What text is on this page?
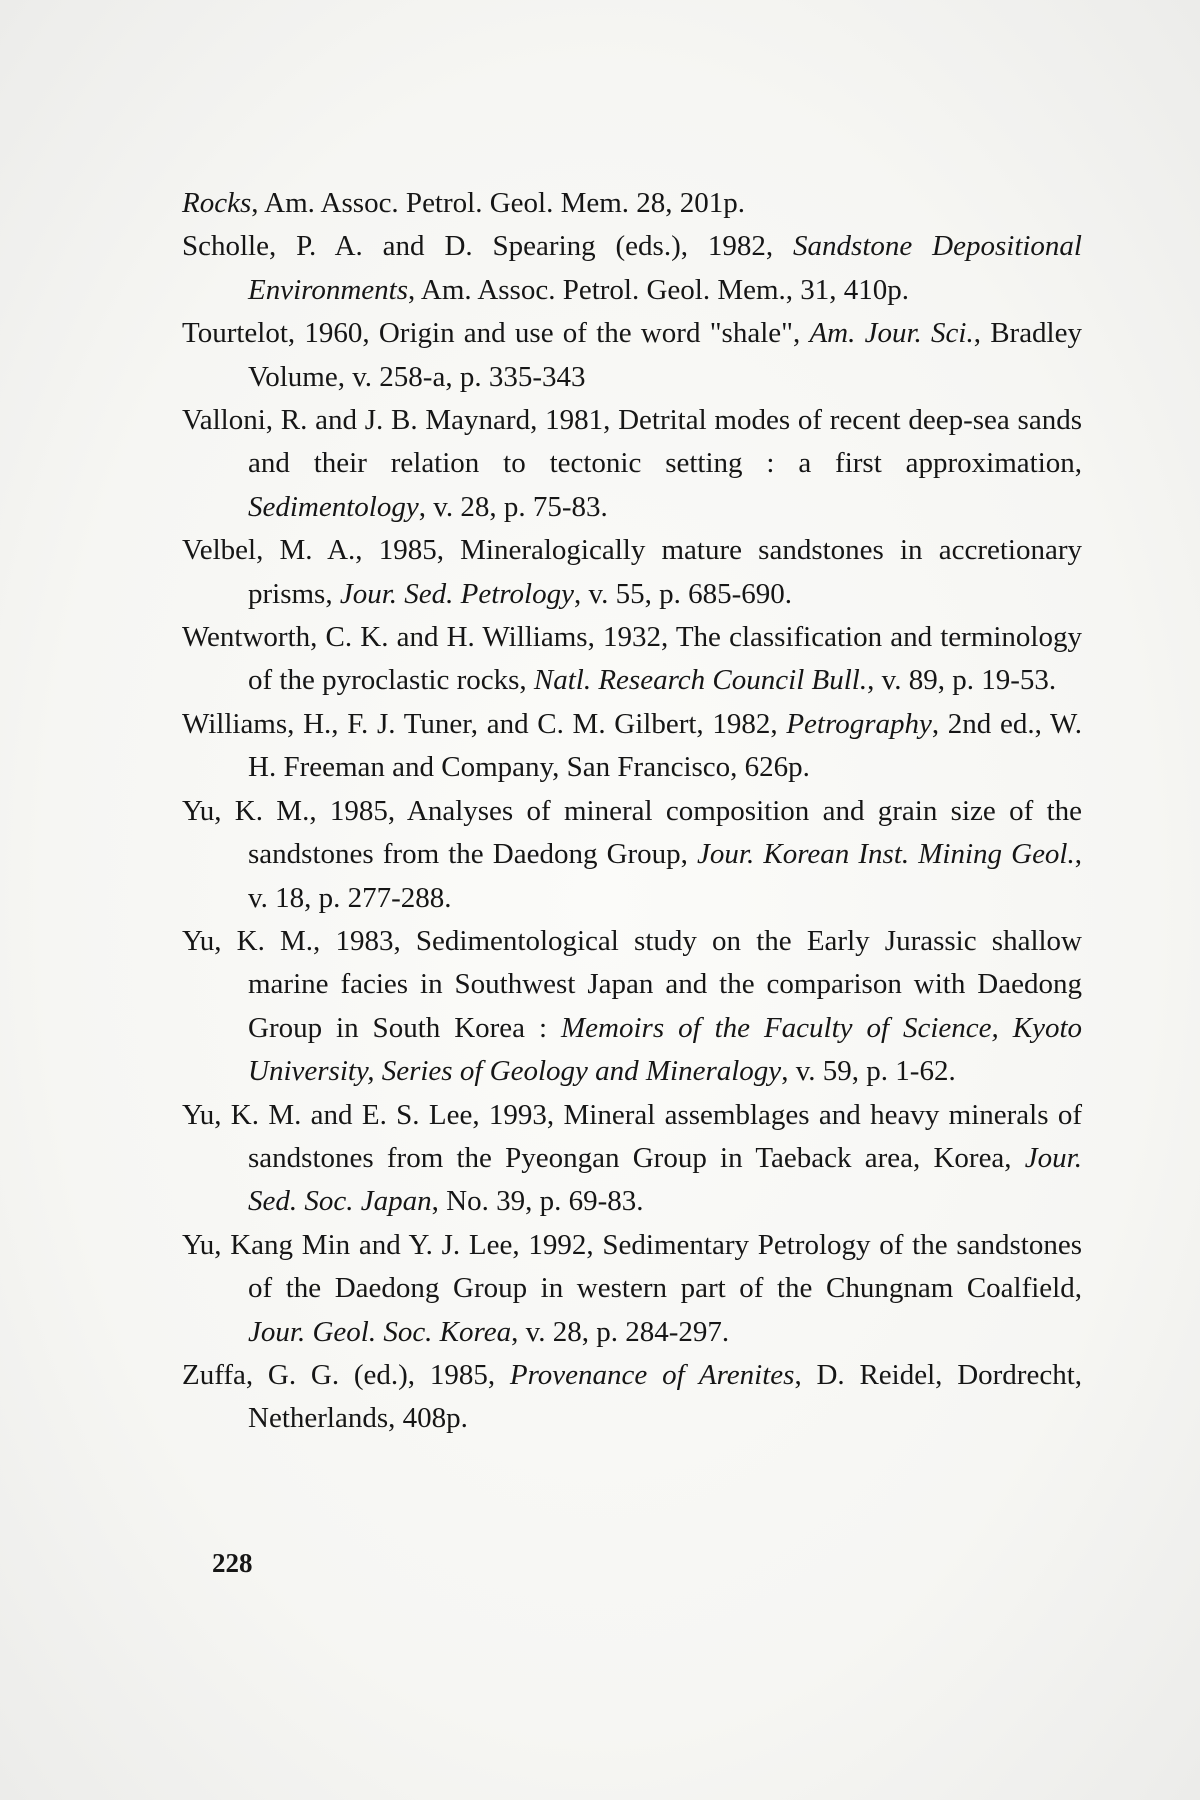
Rocks, Am. Assoc. Petrol. Geol. Mem. 28, 201p.
Scholle, P. A. and D. Spearing (eds.), 1982, Sandstone Depositional Environments, Am. Assoc. Petrol. Geol. Mem., 31, 410p.
Tourtelot, 1960, Origin and use of the word "shale", Am. Jour. Sci., Bradley Volume, v. 258-a, p. 335-343
Valloni, R. and J. B. Maynard, 1981, Detrital modes of recent deep-sea sands and their relation to tectonic setting : a first approximation, Sedimentology, v. 28, p. 75-83.
Velbel, M. A., 1985, Mineralogically mature sandstones in accretionary prisms, Jour. Sed. Petrology, v. 55, p. 685-690.
Wentworth, C. K. and H. Williams, 1932, The classification and terminology of the pyroclastic rocks, Natl. Research Council Bull., v. 89, p. 19-53.
Williams, H., F. J. Tuner, and C. M. Gilbert, 1982, Petrography, 2nd ed., W. H. Freeman and Company, San Francisco, 626p.
Yu, K. M., 1985, Analyses of mineral composition and grain size of the sandstones from the Daedong Group, Jour. Korean Inst. Mining Geol., v. 18, p. 277-288.
Yu, K. M., 1983, Sedimentological study on the Early Jurassic shallow marine facies in Southwest Japan and the comparison with Daedong Group in South Korea : Memoirs of the Faculty of Science, Kyoto University, Series of Geology and Mineralogy, v. 59, p. 1-62.
Yu, K. M. and E. S. Lee, 1993, Mineral assemblages and heavy minerals of sandstones from the Pyeongan Group in Taeback area, Korea, Jour. Sed. Soc. Japan, No. 39, p. 69-83.
Yu, Kang Min and Y. J. Lee, 1992, Sedimentary Petrology of the sandstones of the Daedong Group in western part of the Chungnam Coalfield, Jour. Geol. Soc. Korea, v. 28, p. 284-297.
Zuffa, G. G. (ed.), 1985, Provenance of Arenites, D. Reidel, Dordrecht, Netherlands, 408p.
228
